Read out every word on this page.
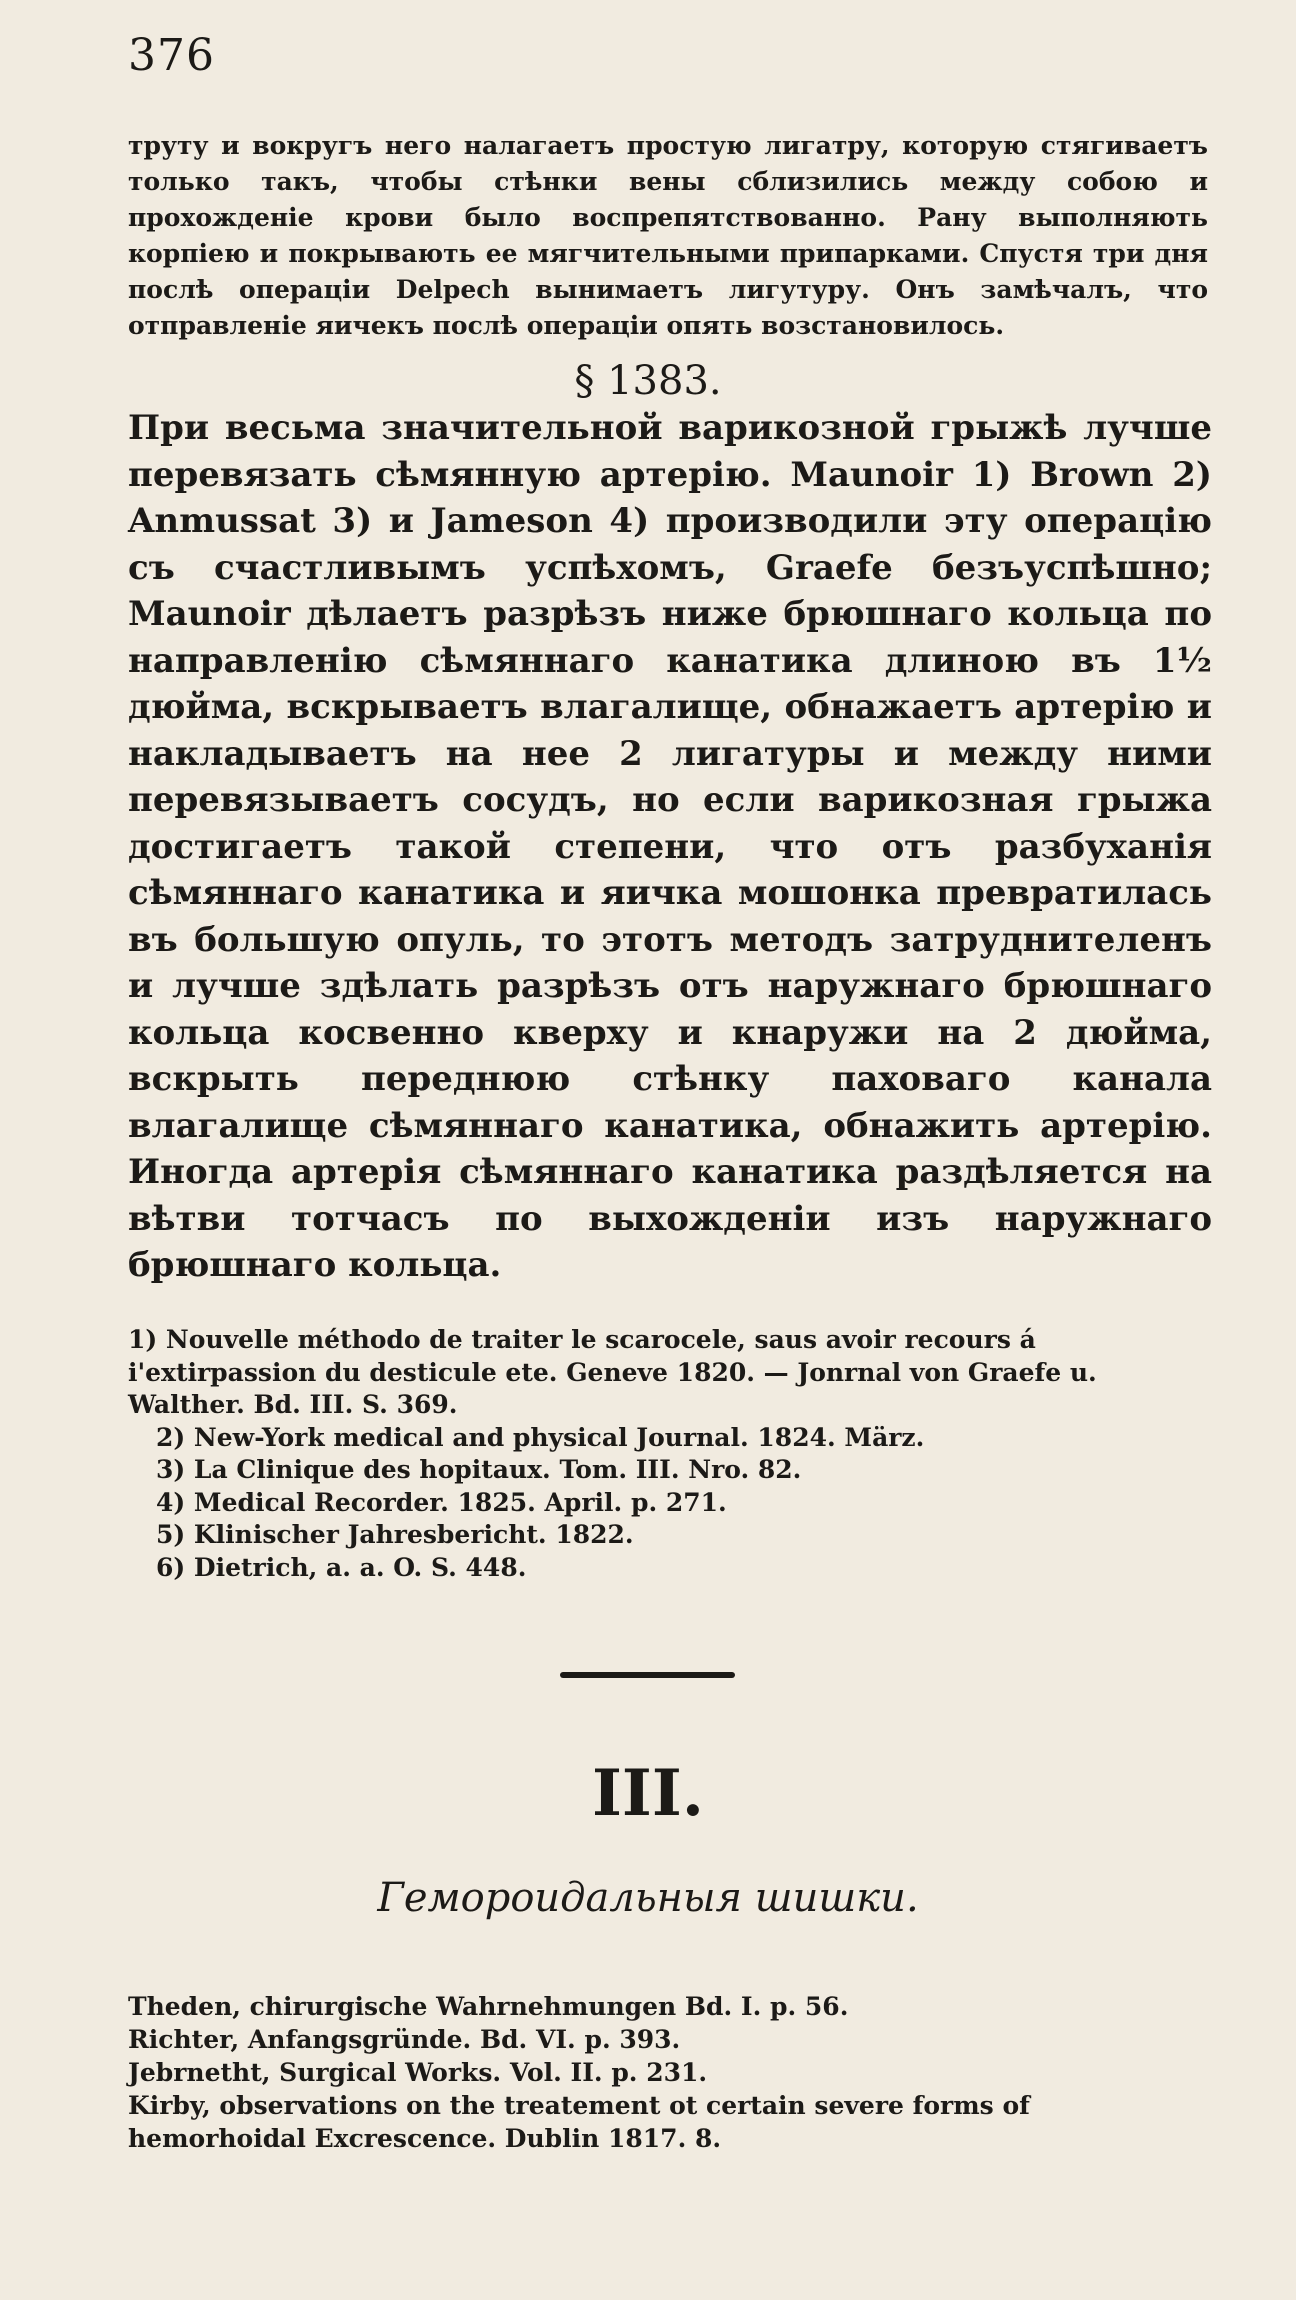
376

труту и вокругъ него налагаетъ простую лигатру, которую стягиваетъ только такъ, чтобы стѣнки вены сблизились между собою и прохожденіе крови было воспрепятствованно. Рану выполняють корпіею и покрывають ее мягчительными припарками. Спустя три дня послѣ операціи Delpech вынимаетъ лигутуру. Онъ замѣчалъ, что отправленіе яичекъ послѣ операціи опять возстановилось.

§ 1383.

При весьма значительной варикозной грыжѣ лучше перевязать сѣмянную артерію. Maunoir 1) Brown 2) Anmussat 3) и Jameson 4) производили эту операцію съ счастливымъ успѣхомъ, Graefe безъуспѣшно; Maunoir дѣлаетъ разрѣзъ ниже брюшнаго кольца по направленію сѣмяннаго канатика длиною въ 1½ дюйма, вскрываетъ влагалище, обнажаетъ артерію и накладываетъ на нее 2 лигатуры и между ними перевязываетъ сосудъ, но если варикозная грыжа достигаетъ такой степени, что отъ разбуханія сѣмяннаго канатика и яичка мошонка превратилась въ большую опуль, то этотъ методъ затруднителенъ и лучше здѣлать разрѣзъ отъ наружнаго брюшнаго кольца косвенно кверху и кнаружи на 2 дюйма, вскрыть переднюю стѣнку паховаго канала влагалище сѣмяннаго канатика, обнажить артерію. Иногда артерія сѣмяннаго канатика раздѣляется на вѣтви тотчасъ по выхожденіи изъ наружнаго брюшнаго кольца.

1) Nouvelle méthodo de traiter le scarocele, saus avoir recours á i'extirpassion du desticule ete. Geneve 1820. — Jonrnal von Graefe u. Walther. Bd. III. S. 369.

2) New-York medical and physical Journal. 1824. März.

3) La Clinique des hopitaux. Tom. III. Nro. 82.

4) Medical Recorder. 1825. April. p. 271.

5) Klinischer Jahresbericht. 1822.

6) Dietrich, a. a. O. S. 448.

III.
Геморoидальныя шишки.

Theden, chirurgische Wahrnehmungen Bd. I. p. 56.

Richter, Anfangsgründe. Bd. VI. p. 393.

Jebrnetht, Surgical Works. Vol. II. p. 231.

Kirby, observations on the treatement ot certain severe forms of hemorhoidal Excrescence. Dublin 1817. 8.
